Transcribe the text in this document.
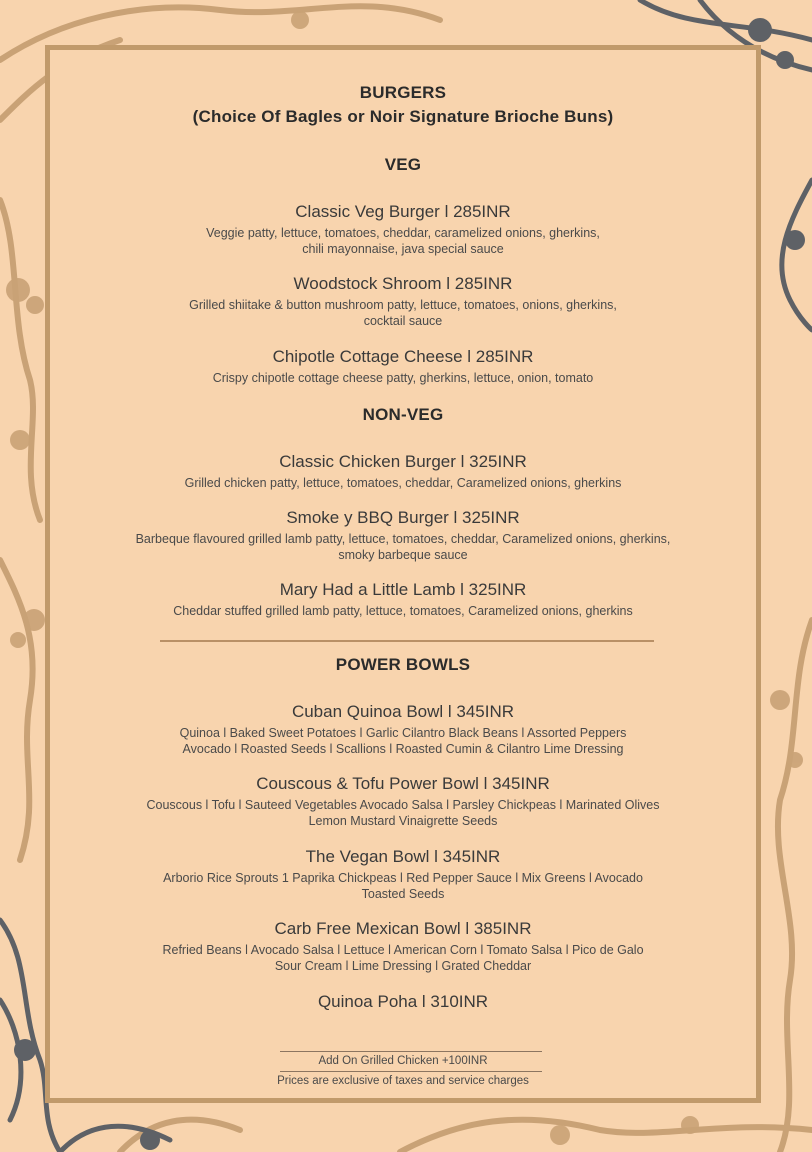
BURGERS
(Choice Of Bagles or Noir Signature Brioche Buns)
VEG
Classic Veg Burger l 285INR
Veggie patty, lettuce, tomatoes, cheddar, caramelized onions, gherkins,
chili mayonnaise, java special sauce
Woodstock Shroom l 285INR
Grilled shiitake & button mushroom patty, lettuce, tomatoes, onions, gherkins,
cocktail sauce
Chipotle Cottage Cheese l 285INR
Crispy chipotle cottage cheese patty, gherkins, lettuce, onion, tomato
NON-VEG
Classic Chicken Burger l 325INR
Grilled chicken patty, lettuce, tomatoes, cheddar, Caramelized onions, gherkins
Smoke y BBQ Burger l 325INR
Barbeque flavoured grilled lamb patty, lettuce, tomatoes, cheddar, Caramelized onions, gherkins,
smoky barbeque sauce
Mary Had a Little Lamb l 325INR
Cheddar stuffed grilled lamb patty, lettuce, tomatoes, Caramelized onions, gherkins
POWER BOWLS
Cuban Quinoa Bowl l 345INR
Quinoa l Baked Sweet Potatoes l Garlic Cilantro Black Beans l Assorted Peppers
Avocado l Roasted Seeds l Scallions l Roasted Cumin & Cilantro Lime Dressing
Couscous & Tofu Power Bowl l 345INR
Couscous l Tofu l Sauteed Vegetables Avocado Salsa l Parsley Chickpeas l Marinated Olives
Lemon Mustard Vinaigrette Seeds
The Vegan Bowl l 345INR
Arborio Rice Sprouts 1 Paprika Chickpeas l Red Pepper Sauce l Mix Greens l Avocado
Toasted Seeds
Carb Free Mexican Bowl l 385INR
Refried Beans l Avocado Salsa l Lettuce l American Corn l Tomato Salsa l Pico de Galo
Sour Cream l Lime Dressing l Grated Cheddar
Quinoa Poha l 310INR
Add On Grilled Chicken +100INR
Prices are exclusive of taxes and service charges
